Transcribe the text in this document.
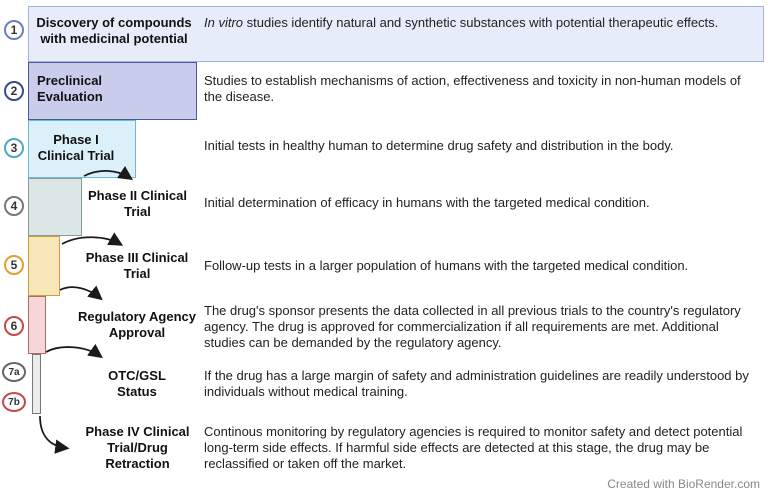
1	Discovery of compounds
with medicinal potential
In vitro studies identify natural and synthetic substances with potential therapeutic effects.
2
Preclinical
Evaluation
Studies to establish mechanisms of action, effectiveness and toxicity in non-human models of the disease.
3
Phase I
Clinical Trial
Initial tests in healthy human to determine drug safety and distribution in the body.
4
Phase II Clinical
Trial
Initial determination of efficacy in humans with the targeted medical condition.
5	Phase III Clinical
Trial
Follow-up tests in a larger population of humans with the targeted medical condition.
6
Regulatory Agency
Approval
The drug's sponsor presents the data collected in all previous trials to the country's regulatory agency. The drug is approved for commercialization if all requirements are met. Additional studies can be demanded by the regulatory agency.
7a
7b
OTC/GSL
Status
If the drug has a large margin of safety and administration guidelines are readily understood by individuals without medical training.
Phase IV Clinical
Trial/Drug
Retraction
Continous monitoring by regulatory agencies is required to monitor safety and detect potential long-term side effects. If harmful side effects are detected at this stage, the drug may be reclassified or taken off the market.
Created with BioRender.com
